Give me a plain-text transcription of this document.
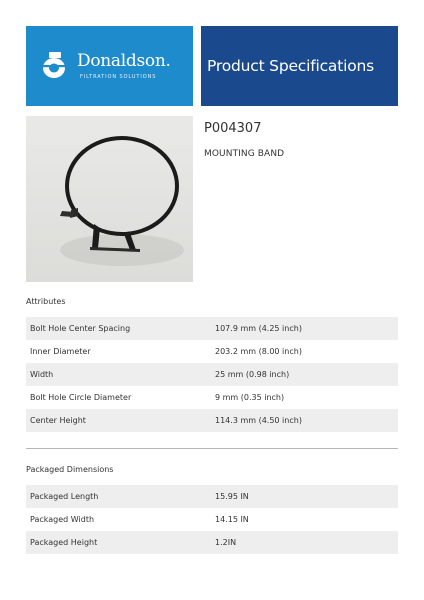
Donaldson.
FILTRATION SOLUTIONS
Product Specifications
P004307
MOUNTING BAND
Attributes
Bolt Hole Center Spacing	107.9 mm (4.25 inch)
Inner Diameter	203.2 mm (8.00 inch)
Width	25 mm (0.98 inch)
Bolt Hole Circle Diameter	9 mm (0.35 inch)
Center Height	114.3 mm (4.50 inch)
Packaged Dimensions
Packaged Length	15.95 IN
Packaged Width	14.15 IN
Packaged Height	1.2IN
